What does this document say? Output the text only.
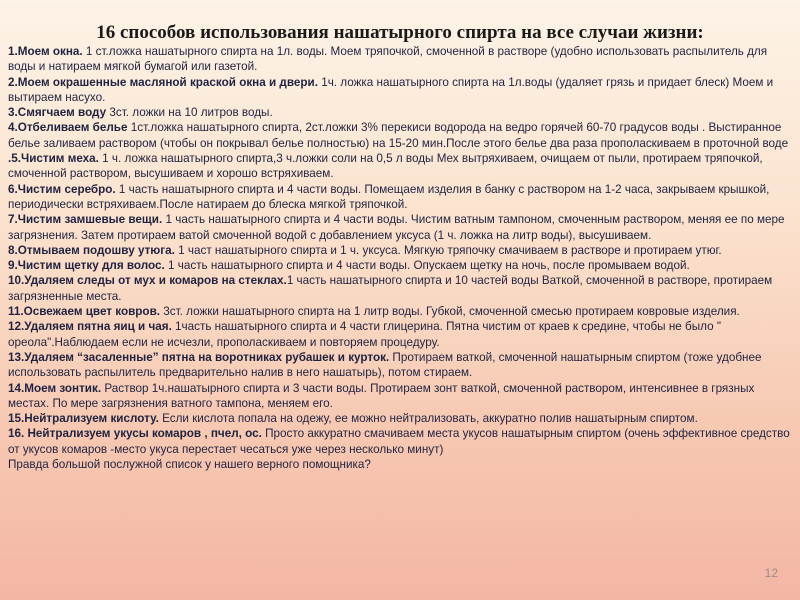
16 способов использования нашатырного спирта на все случаи жизни:

1.Моем окна. 1 ст.ложка нашатырного спирта на 1л. воды. Моем тряпочкой, смоченной в растворе (удобно использовать распылитель для воды и натираем мягкой бумагой или газетой.

2.Моем окрашенные масляной краской окна и двери. 1ч. ложка нашатырного спирта на 1л.воды (удаляет грязь и придает блеск) Моем и вытираем насухо.

3.Смягчаем воду 3ст. ложки на 10 литров воды.

4.Отбеливаем белье 1ст.ложка нашатырного спирта, 2ст.ложки 3% перекиси водорода на ведро горячей 60-70 градусов воды . Выстиранное белье заливаем раствором (чтобы он покрывал белье полностью) на 15-20 мин.После этого белье два раза прополаскиваем в проточной воде

.5.Чистим меха. 1 ч. ложка нашатырного спирта,3 ч.ложки соли на 0,5 л воды Мех вытряхиваем, очищаем от пыли, протираем тряпочкой, смоченной раствором, высушиваем и хорошо встряхиваем.

6.Чистим серебро. 1 часть нашатырного спирта и 4 части воды. Помещаем изделия в банку с раствором на 1-2 часа, закрываем крышкой, периодически встряхиваем.После натираем до блеска мягкой тряпочкой.

7.Чистим замшевые вещи. 1 часть нашатырного спирта и 4 части воды. Чистим ватным тампоном, смоченным раствором, меняя ее по мере загрязнения. Затем протираем ватой смоченной водой с добавлением уксуса (1 ч. ложка на литр воды), высушиваем.

8.Отмываем подошву утюга. 1 част нашатырного спирта и 1 ч. уксуса. Мягкую тряпочку смачиваем в растворе и протираем утюг.

9.Чистим щетку для волос. 1 часть нашатырного спирта и 4 части воды. Опускаем щетку на ночь, после промываем водой.

10.Удаляем следы от мух и комаров на стеклах.1 часть нашатырного спирта и 10 частей воды Ваткой, смоченной в растворе, протираем загрязненные места.

11.Освежаем цвет ковров. 3ст. ложки нашатырного спирта на 1 литр воды. Губкой, смоченной смесью протираем ковровые изделия.

12.Удаляем пятна яиц и чая. 1часть нашатырного спирта и 4 части глицерина. Пятна чистим от краев к средине, чтобы не было " ореола".Наблюдаем если не исчезли, прополаскиваем и повторяем процедуру.

13.Удаляем “засаленные” пятна на воротниках рубашек и курток. Протираем ваткой, смоченной нашатырным спиртом (тоже удобнее использовать распылитель предварительно налив в него нашатырь), потом стираем.

14.Моем зонтик. Раствор 1ч.нашатырного спирта и 3 части воды. Протираем зонт ваткой, смоченной раствором, интенсивнее в грязных местах. По мере загрязнения ватного тампона, меняем его.

15.Нейтрализуем кислоту. Если кислота попала на одежу, ее можно нейтрализовать, аккуратно полив нашатырным спиртом.

16. Нейтрализуем укусы комаров , пчел, ос. Просто аккуратно смачиваем места укусов нашатырным спиртом (очень эффективное средство от укусов комаров -место укуса перестает чесаться уже через несколько минут)

Правда большой послужной список у нашего верного помощника?

12
